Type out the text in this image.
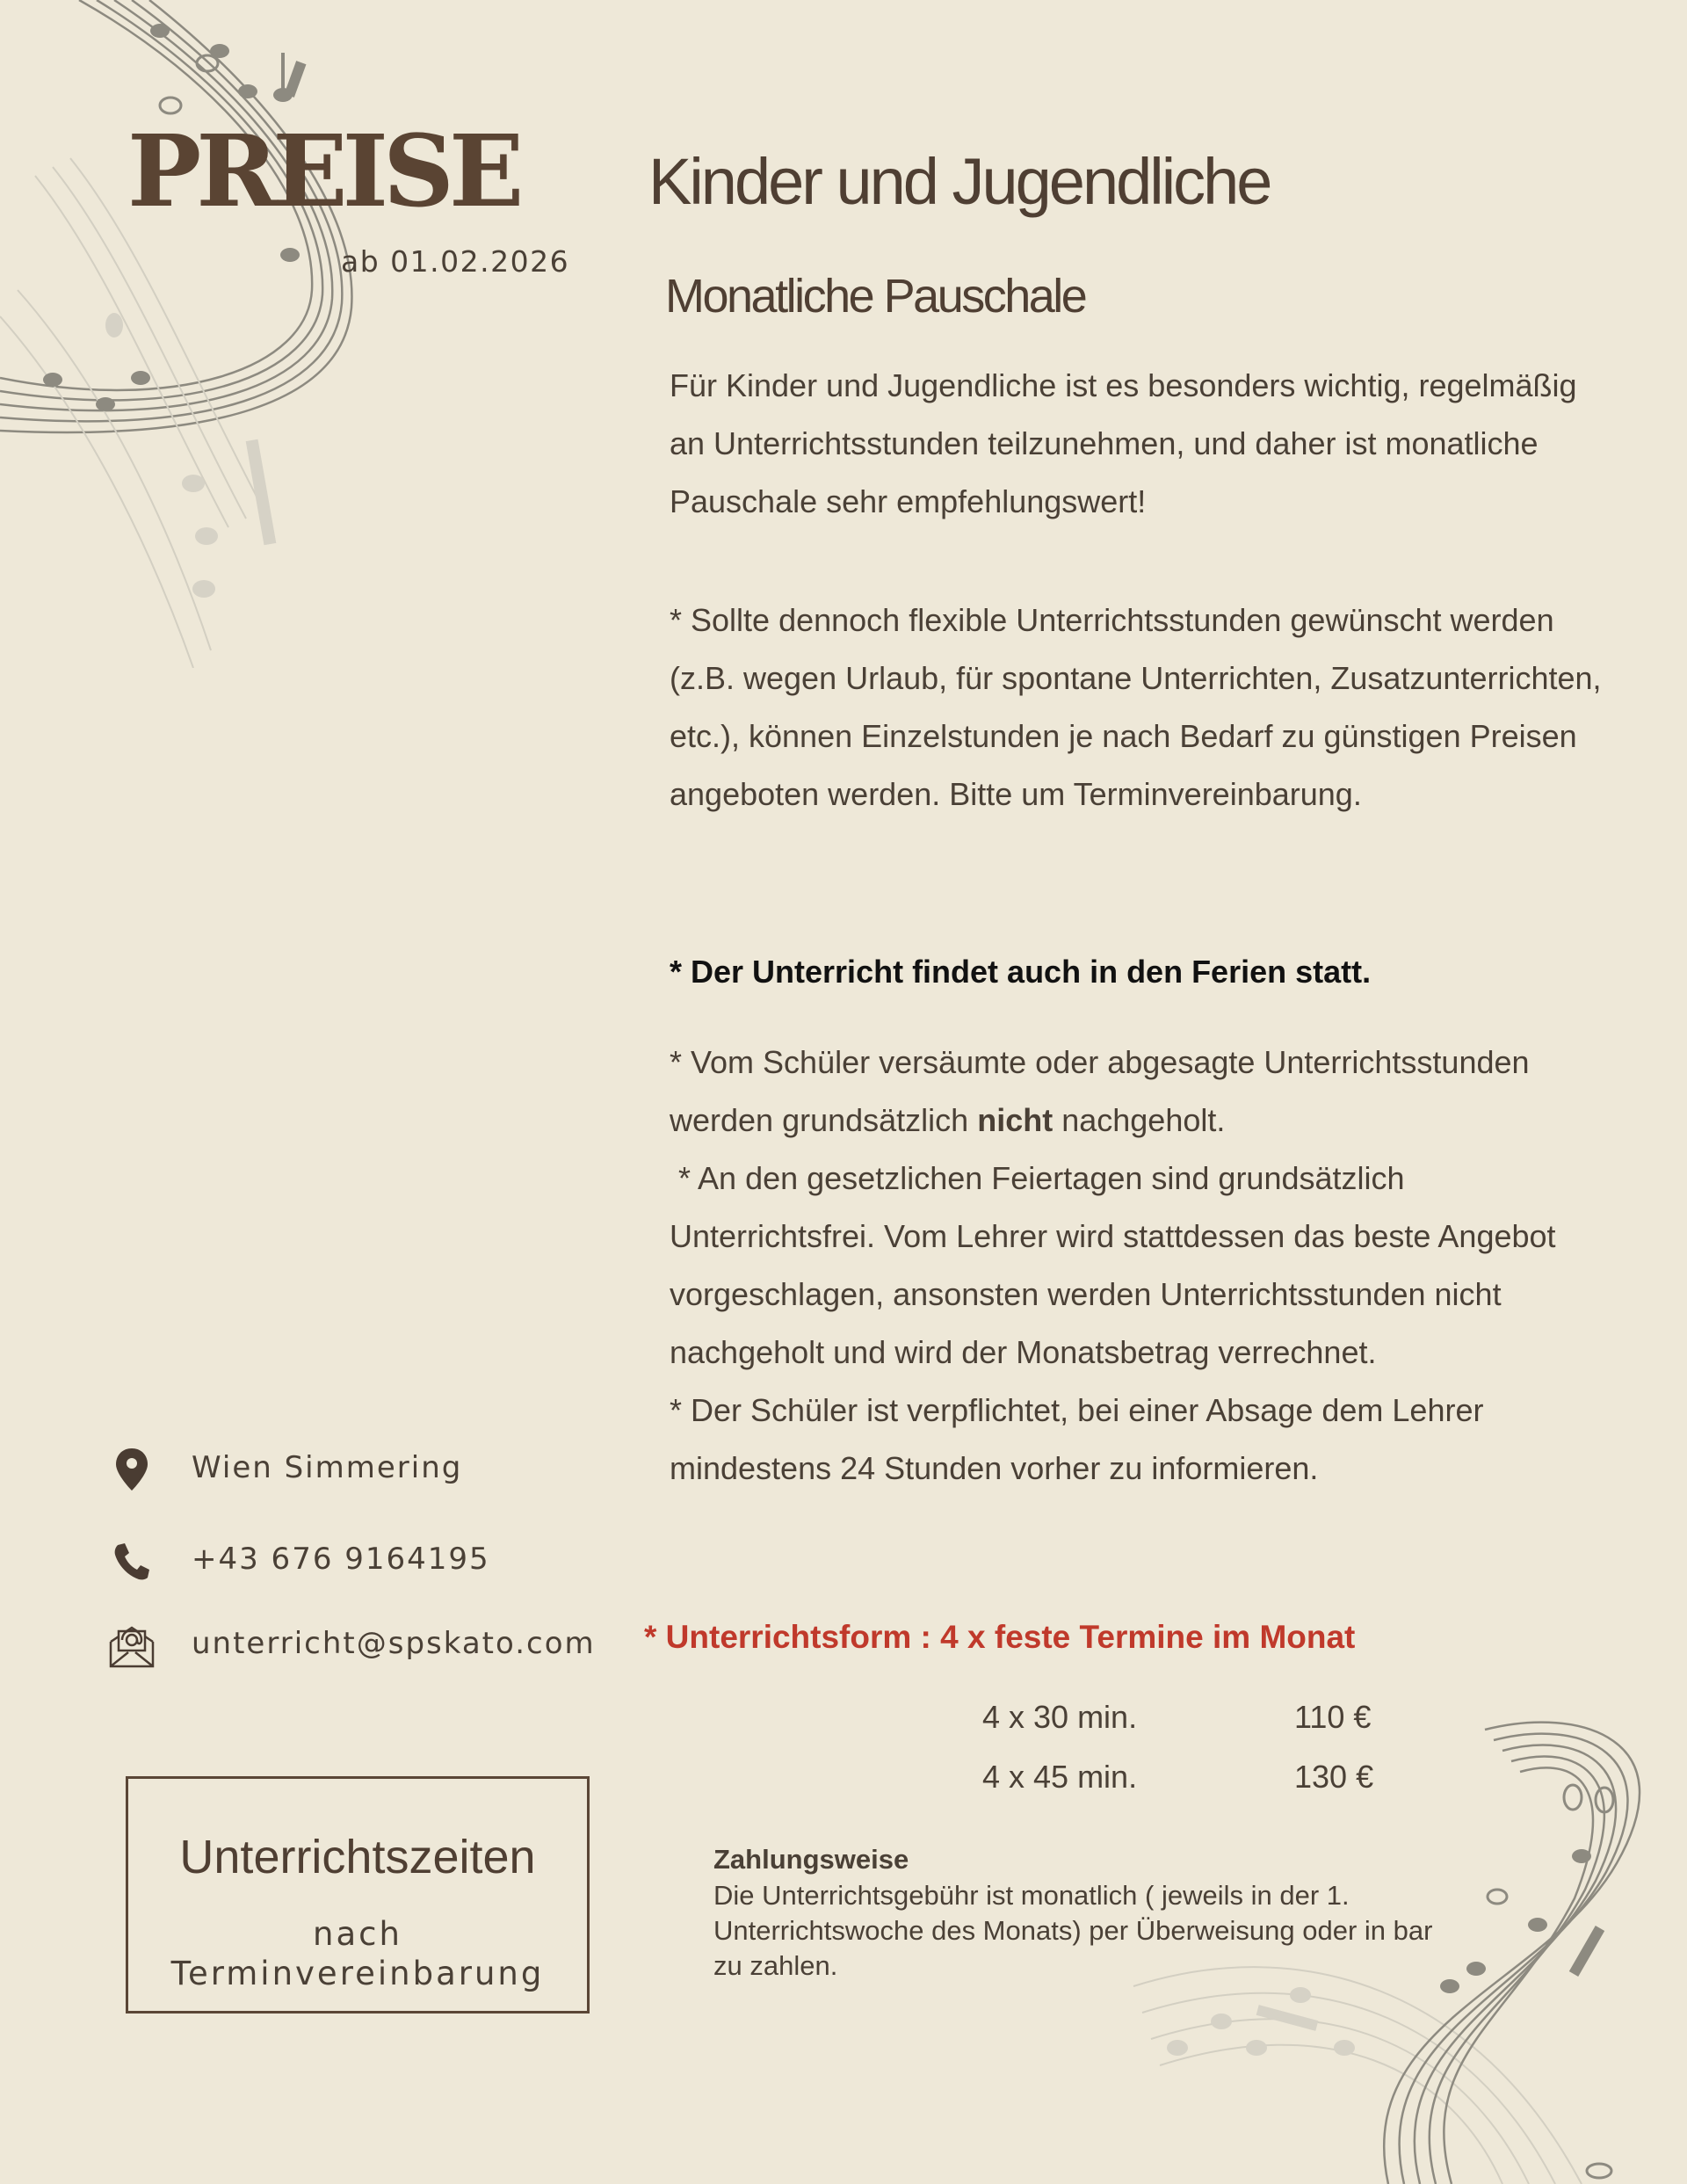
PREISE
ab 01.02.2026
Kinder und Jugendliche
Monatliche Pauschale

Für Kinder und Jugendliche ist es besonders wichtig, regelmäßig an Unterrichtsstunden teilzunehmen, und daher ist monatliche Pauschale sehr empfehlungswert!

* Sollte dennoch flexible Unterrichtsstunden gewünscht werden (z.B. wegen Urlaub, für spontane Unterrichten, Zusatzunterrichten, etc.), können Einzelstunden je nach Bedarf zu günstigen Preisen angeboten werden. Bitte um Terminvereinbarung.

* Der Unterricht findet auch in den Ferien statt.

* Vom Schüler versäumte oder abgesagte Unterrichtsstunden werden grundsätzlich nicht nachgeholt.
* An den gesetzlichen Feiertagen sind grundsätzlich Unterrichtsfrei. Vom Lehrer wird stattdessen das beste Angebot vorgeschlagen, ansonsten werden Unterrichtsstunden nicht nachgeholt und wird der Monatsbetrag verrechnet.
* Der Schüler ist verpflichtet, bei einer Absage dem Lehrer mindestens 24 Stunden vorher zu informieren.
* Unterrichtsform : 4 x feste Termine im Monat
4 x 30 min.	110 €
4 x 45 min.	130 €
Zahlungsweise

Die Unterrichtsgebühr ist monatlich ( jeweils in der 1. Unterrichtswoche des Monats) per Überweisung oder in bar zu zahlen.

Wien Simmering
+43 676 9164195
unterricht@spskato.com
Unterrichtszeiten
nach
Terminvereinbarung
